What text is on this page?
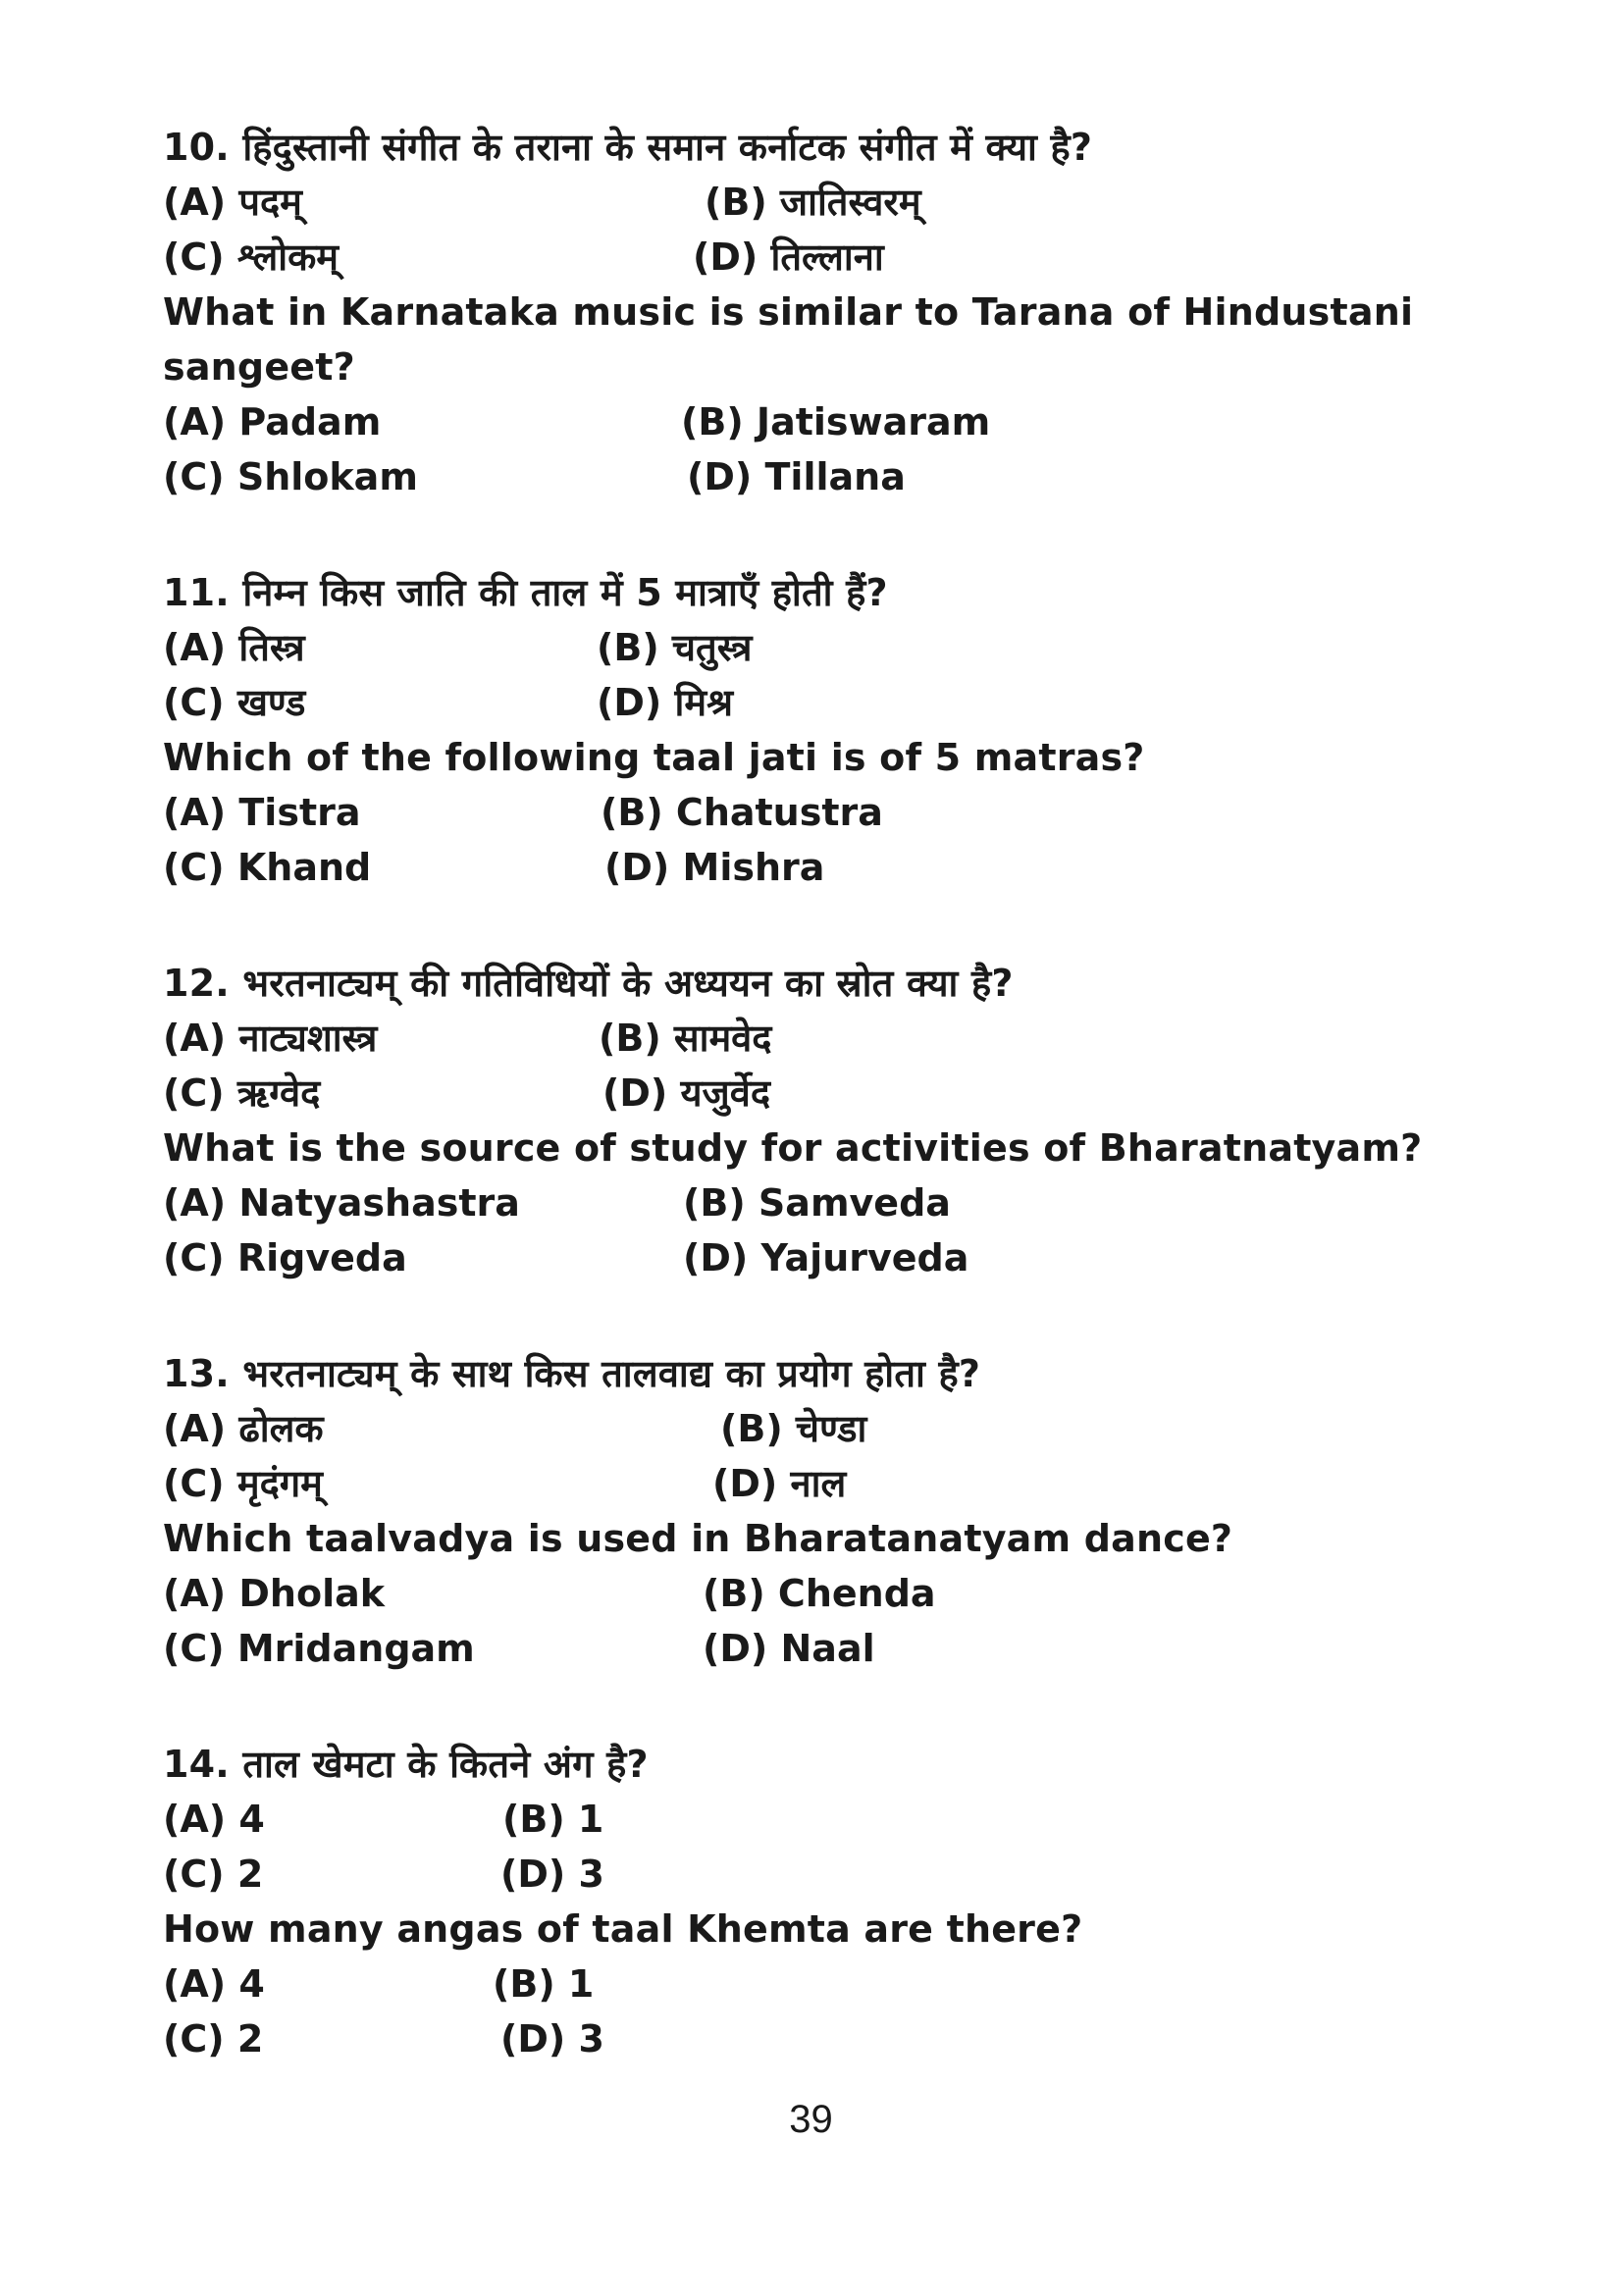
10. हिंदुस्तानी संगीत के तराना के समान कर्नाटक संगीत में क्या है?
(A) पदम्	(B) जातिस्वरम्
(C) श्लोकम्	(D) तिल्लाना
What in Karnataka music is similar to Tarana of Hindustani
sangeet?
(A) Padam	(B) Jatiswaram
(C) Shlokam	(D) Tillana
11. निम्न किस जाति की ताल में 5 मात्राएँ होती हैं?
(A) तिस्त्र	(B) चतुस्त्र
(C) खण्ड	(D) मिश्र
Which of the following taal jati is of 5 matras?
(A) Tistra	(B) Chatustra
(C) Khand	(D) Mishra
12. भरतनाट्यम् की गतिविधियों के अध्ययन का स्रोत क्या है?
(A) नाट्यशास्त्र	(B) सामवेद
(C) ऋग्वेद	(D) यजुर्वेद
What is the source of study for activities of Bharatnatyam?
(A) Natyashastra	(B) Samveda
(C) Rigveda	(D) Yajurveda
13. भरतनाट्यम् के साथ किस तालवाद्य का प्रयोग होता है?
(A) ढोलक	(B) चेण्डा
(C) मृदंगम्	(D) नाल
Which taalvadya is used in Bharatanatyam dance?
(A) Dholak	(B) Chenda
(C) Mridangam	(D) Naal
14. ताल खेमटा के कितने अंग है?
(A) 4	(B) 1
(C) 2	(D) 3
How many angas of taal Khemta are there?
(A) 4	(B) 1
(C) 2	(D) 3
39
